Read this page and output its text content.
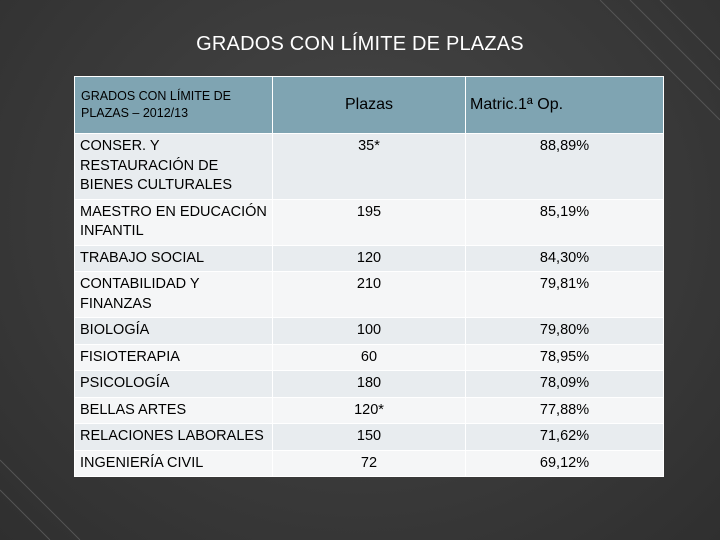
GRADOS CON LÍMITE DE PLAZAS
GRADOS CON LÍMITE DE PLAZAS – 2012/13	Plazas	Matric.1ª Op.
CONSER. Y RESTAURACIÓN DE BIENES CULTURALES	35*	88,89%
MAESTRO EN EDUCACIÓN INFANTIL	195	85,19%
TRABAJO SOCIAL	120	84,30%
CONTABILIDAD Y FINANZAS	210	79,81%
BIOLOGÍA	100	79,80%
FISIOTERAPIA	60	78,95%
PSICOLOGÍA	180	78,09%
BELLAS ARTES	120*	77,88%
RELACIONES LABORALES	150	71,62%
INGENIERÍA CIVIL	72	69,12%
